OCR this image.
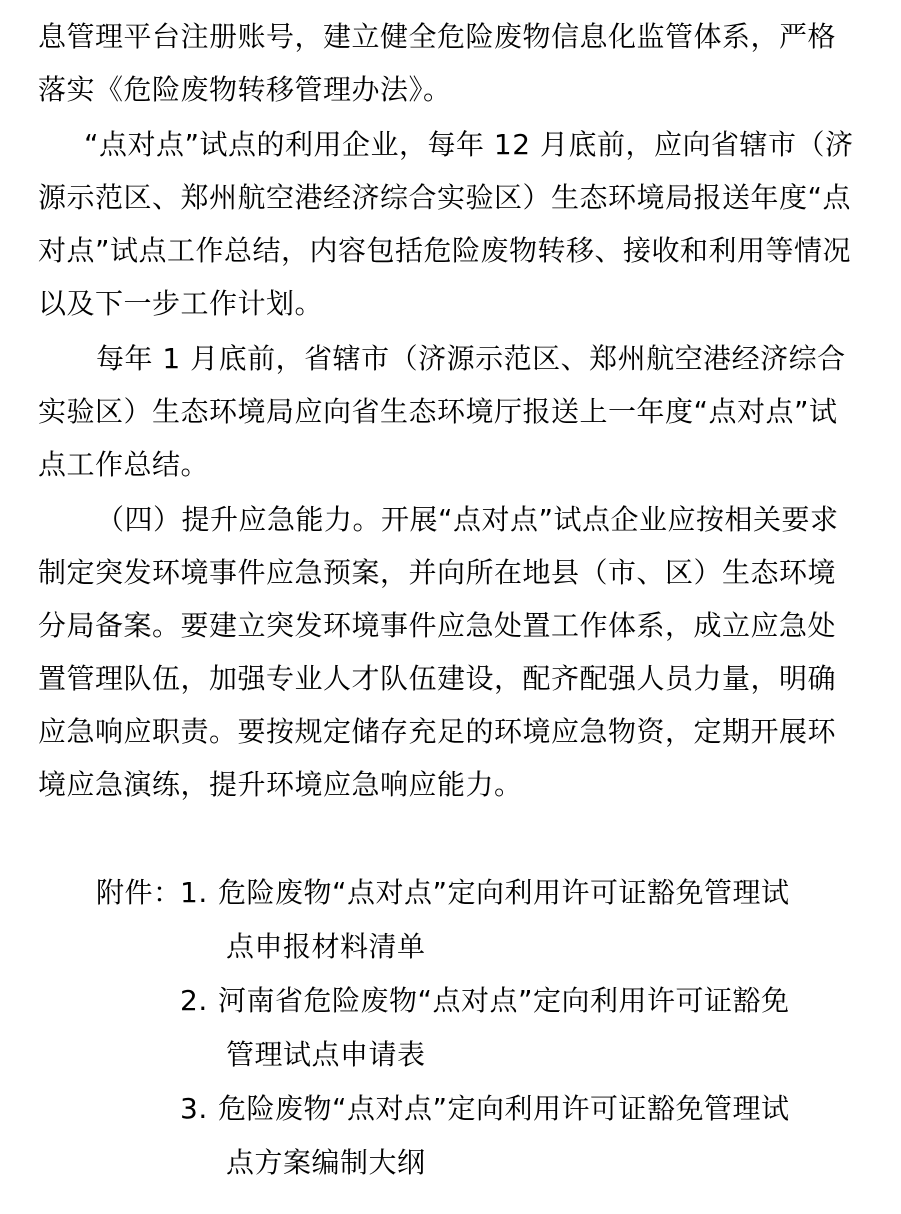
息管理平台注册账号，建立健全危险废物信息化监管体系，严格
落实《危险废物转移管理办法》。
“点对点”试点的利用企业，每年 12 月底前，应向省辖市（济
源示范区、郑州航空港经济综合实验区）生态环境局报送年度“点
对点”试点工作总结，内容包括危险废物转移、接收和利用等情况
以及下一步工作计划。
每年 1 月底前，省辖市（济源示范区、郑州航空港经济综合
实验区）生态环境局应向省生态环境厅报送上一年度“点对点”试
点工作总结。
（四）提升应急能力。开展“点对点”试点企业应按相关要求
制定突发环境事件应急预案，并向所在地县（市、区）生态环境
分局备案。要建立突发环境事件应急处置工作体系，成立应急处
置管理队伍，加强专业人才队伍建设，配齐配强人员力量，明确
应急响应职责。要按规定储存充足的环境应急物资，定期开展环
境应急演练，提升环境应急响应能力。
附件：
1. 危险废物“点对点”定向利用许可证豁免管理试
点申报材料清单
2. 河南省危险废物“点对点”定向利用许可证豁免
管理试点申请表
3. 危险废物“点对点”定向利用许可证豁免管理试
点方案编制大纲
